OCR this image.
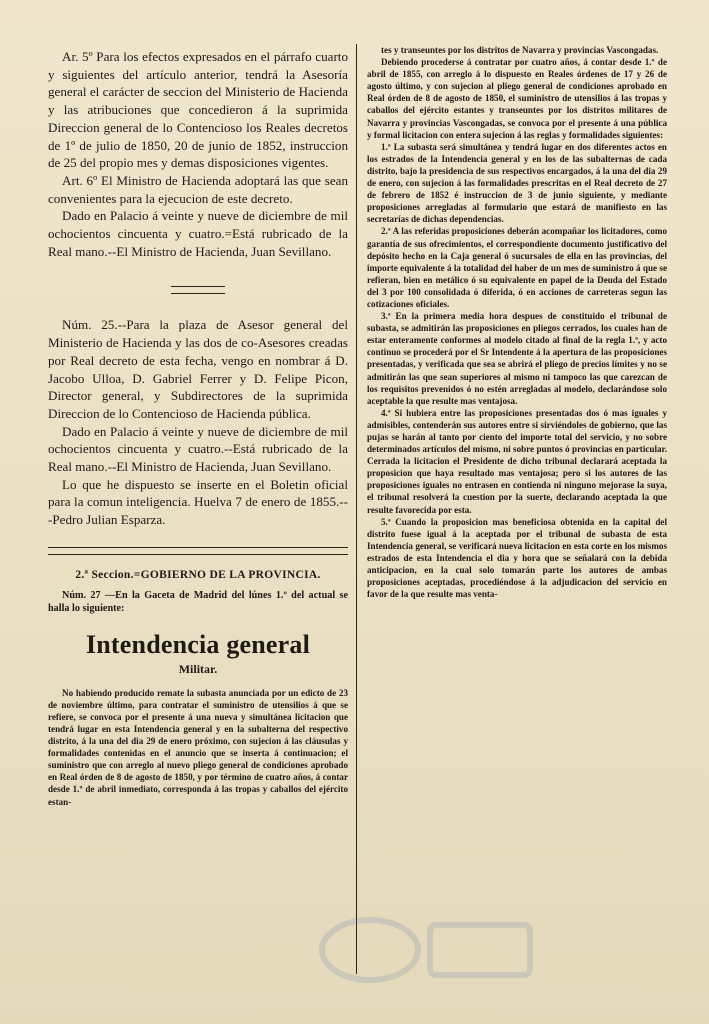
Ar. 5º Para los efectos expresados en el párrafo cuarto y siguientes del artículo anterior, tendrá la Asesoría general el carácter de seccion del Ministerio de Hacienda y las atribuciones que concedieron á la suprimida Direccion general de lo Contencioso los Reales decretos de 1º de julio de 1850, 20 de junio de 1852, instruccion de 25 del propio mes y demas disposiciones vigentes.

Art. 6º El Ministro de Hacienda adoptará las que sean convenientes para la ejecucion de este decreto.

Dado en Palacio á veinte y nueve de diciembre de mil ochocientos cincuenta y cuatro.=Está rubricado de la Real mano.--El Ministro de Hacienda, Juan Sevillano.

Núm. 25.--Para la plaza de Asesor general del Ministerio de Hacienda y las dos de co-Asesores creadas por Real decreto de esta fecha, vengo en nombrar á D. Jacobo Ulloa, D. Gabriel Ferrer y D. Felipe Picon, Director general, y Subdirectores de la suprimida Direccion de lo Contencioso de Hacienda pública.

Dado en Palacio á veinte y nueve de diciembre de mil ochocientos cincuenta y cuatro.--Está rubricado de la Real mano.--El Ministro de Hacienda, Juan Sevillano.

Lo que he dispuesto se inserte en el Boletin oficial para la comun inteligencia. Huelva 7 de enero de 1855.---Pedro Julian Esparza.

2.ª Seccion.=GOBIERNO DE LA PROVINCIA.

Núm. 27 —En la Gaceta de Madrid del lúnes 1.º del actual se halla lo siguiente:

Intendencia general
Militar.

No habiendo producido remate la subasta anunciada por un edicto de 23 de noviembre último, para contratar el suministro de utensilios á que se refiere, se convoca por el presente á una nueva y simultánea licitacion que tendrá lugar en esta Intendencia general y en la subalterna del respectivo distrito, á la una del dia 29 de enero próximo, con sujecion á las cláusulas y formalidades contenidas en el anuncio que se inserta á continuacion; el suministro que con arreglo al nuevo pliego general de condiciones aprobado en Real órden de 8 de agosto de 1850, y por término de cuatro años, á contar desde 1.º de abril inmediato, corresponda á las tropas y caballos del ejército estan-

tes y transeuntes por los distritos de Navarra y provincias Vascongadas.

Debiendo procederse á contratar por cuatro años, á contar desde 1.º de abril de 1855, con arreglo á lo dispuesto en Reales órdenes de 17 y 26 de agosto último, y con sujecion al pliego general de condiciones aprobado en Real órden de 8 de agosto de 1850, el suministro de utensilios á las tropas y caballos del ejército estantes y transeuntes por los distritos militares de Navarra y provincias Vascongadas, se convoca por el presente á una pública y formal licitacion con entera sujecion á las reglas y formalidades siguientes:

1.ª La subasta será simultánea y tendrá lugar en dos diferentes actos en los estrados de la Intendencia general y en los de las subalternas de cada distrito, bajo la presidencia de sus respectivos encargados, á la una del dia 29 de enero, con sujecion á las formalidades prescritas en el Real decreto de 27 de febrero de 1852 é instruccion de 3 de junio siguiente, y mediante proposiciones arregladas al formulario que estará de manifiesto en las secretarías de dichas dependencias.

2.ª A las referidas proposiciones deberán acompañar los licitadores, como garantía de sus ofrecimientos, el correspondiente documento justificativo del depósito hecho en la Caja general ó sucursales de ella en las provincias, del importe equivalente á la totalidad del haber de un mes de suministro á que se refieran, bien en metálico ó su equivalente en papel de la Deuda del Estado del 3 por 100 consolidada ó diferida, ó en acciones de carreteras segun las cotizaciones oficiales.

3.ª En la primera media hora despues de constituido el tribunal de subasta, se admitirán las proposiciones en pliegos cerrados, los cuales han de estar enteramente conformes al modelo citado al final de la regla 1.ª, y acto continuo se procederá por el Sr Intendente á la apertura de las proposiciones presentadas, y verificada que sea se abrirá el pliego de precios límites y no se admitirán las que sean superiores al mismo ni tampoco las que carezcan de los requisitos prevenidos ó no estén arregladas al modelo, declarándose solo aceptable la que resulte mas ventajosa.

4.ª Si hubiera entre las proposiciones presentadas dos ó mas iguales y admisibles, contenderán sus autores entre si sirviéndoles de gobierno, que las pujas se harán al tanto por ciento del importe total del servicio, y no sobre determinados artículos del mismo, ni sobre puntos ó provincias en particular. Cerrada la licitacion el Presidente de dicho tribunal declarará aceptada la proposicion que haya resultado mas ventajosa; pero si los autores de las proposiciones iguales no entrasen en contienda ni ninguno mejorase la suya, el tribunal resolverá la cuestion por la suerte, declarando aceptada la que resulte favorecida por esta.

5.ª Cuando la proposicion mas beneficiosa obtenida en la capital del distrito fuese igual á la aceptada por el tribunal de subasta de esta Intendencia general, se verificará nueva licitacion en esta corte en los mismos estrados de esta Intendencia el dia y hora que se señalará con la debida anticipacion, en la cual solo tomarán parte los autores de ambas proposiciones aceptadas, procediéndose á la adjudicacion del servicio en favor de la que resulte mas venta-
